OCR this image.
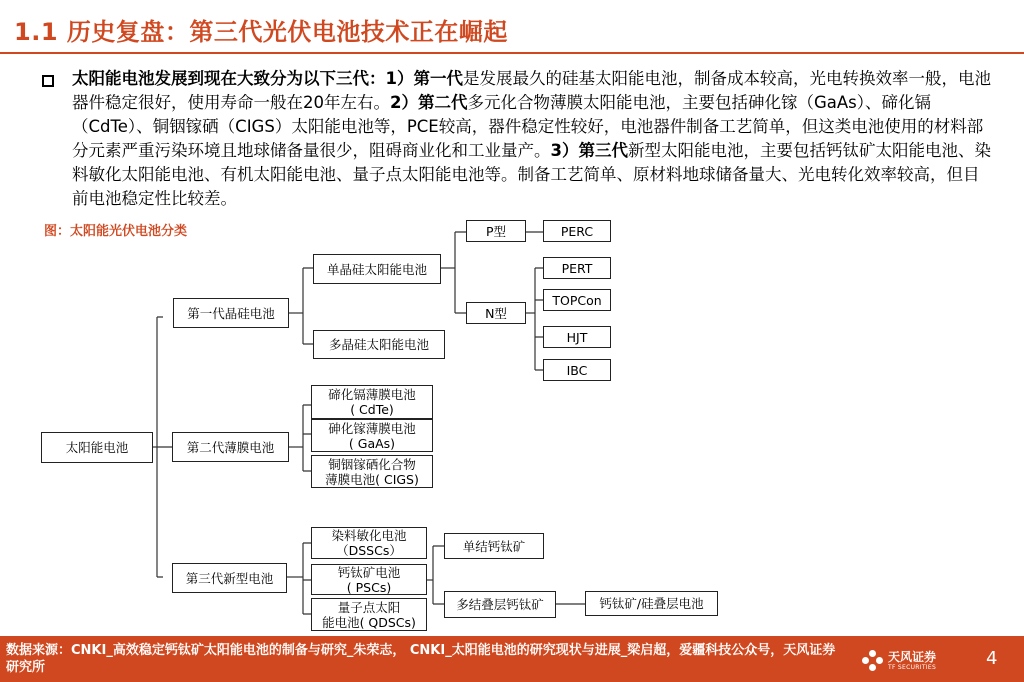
1.1 历史复盘：第三代光伏电池技术正在崛起
太阳能电池发展到现在大致分为以下三代：1）第一代是发展最久的硅基太阳能电池，制备成本较高，光电转换效率一般，电池器件稳定很好，使用寿命一般在20年左右。2）第二代多元化合物薄膜太阳能电池，主要包括砷化镓（GaAs）、碲化镉（CdTe）、铜铟镓硒（CIGS）太阳能电池等，PCE较高，器件稳定性较好，电池器件制备工艺简单，但这类电池使用的材料部分元素严重污染环境且地球储备量很少，阻碍商业化和工业量产。3）第三代新型太阳能电池，主要包括钙钛矿太阳能电池、染料敏化太阳能电池、有机太阳能电池、量子点太阳能电池等。制备工艺简单、原材料地球储备量大、光电转化效率较高，但目前电池稳定性比较差。
图：太阳能光伏电池分类
太阳能电池
第一代晶硅电池
第二代薄膜电池
第三代新型电池
单晶硅太阳能电池
多晶硅太阳能电池
P型
N型
PERC
PERT
TOPCon
HJT
IBC
碲化镉薄膜电池
( CdTe)
砷化镓薄膜电池
( GaAs)
铜铟镓硒化合物
薄膜电池( CIGS)
染料敏化电池
（DSSCs）
钙钛矿电池
( PSCs)
量子点太阳
能电池( QDSCs)
单结钙钛矿
多结叠层钙钛矿	钙钛矿/硅叠层电池
数据来源：CNKI_高效稳定钙钛矿太阳能电池的制备与研究_朱荣志， CNKI_太阳能电池的研究现状与进展_梁启超，爱疆科技公众号，天风证券研究所
天风证券
TF SECURITIES	4
